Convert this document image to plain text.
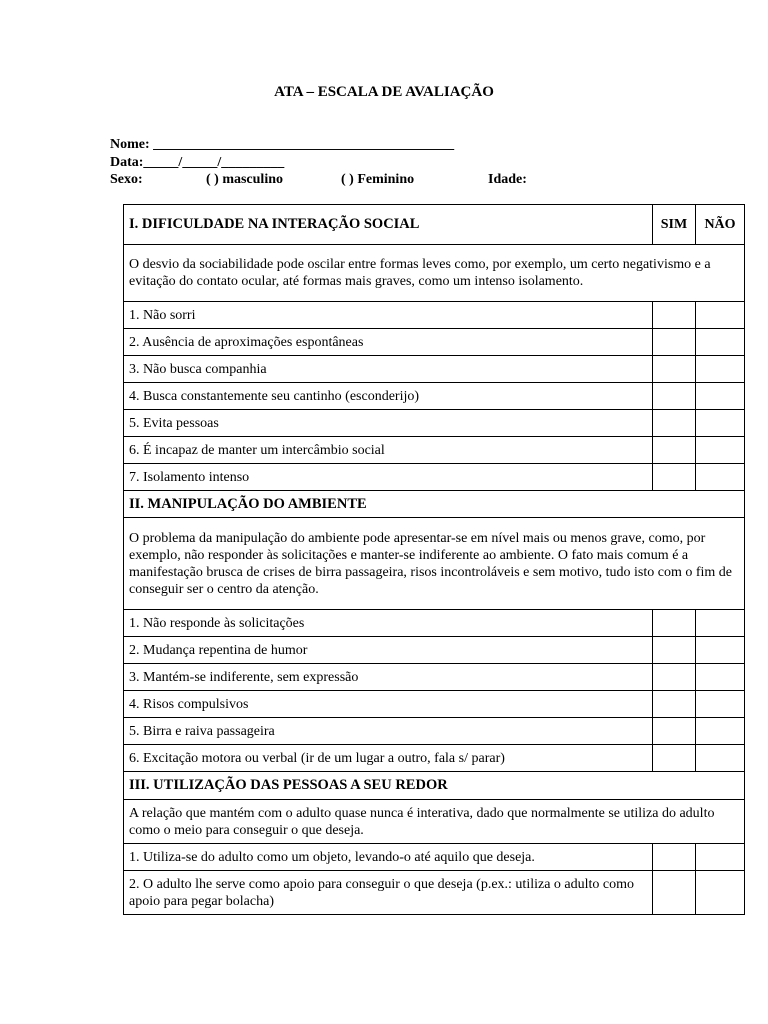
ATA – ESCALA DE AVALIAÇÃO
Nome: ___________________________________________
Data:_____/_____/_________
Sexo:	( ) masculino	( ) Feminino	Idade:
I. DIFICULDADE NA INTERAÇÃO SOCIAL	SIM	NÃO
O desvio da sociabilidade pode oscilar entre formas leves como, por exemplo, um certo negativismo e a evitação do contato ocular, até formas mais graves, como um intenso isolamento.		
1. Não sorri		
2. Ausência de aproximações espontâneas		
3. Não busca companhia		
4. Busca constantemente seu cantinho (esconderijo)		
5. Evita pessoas		
6. É incapaz de manter um intercâmbio social		
7. Isolamento intenso		
II. MANIPULAÇÃO DO AMBIENTE		
O problema da manipulação do ambiente pode apresentar-se em nível mais ou menos grave, como, por exemplo, não responder às solicitações e manter-se indiferente ao ambiente. O fato mais comum é a manifestação brusca de crises de birra passageira, risos incontroláveis e sem motivo, tudo isto com o fim de conseguir ser o centro da atenção.		
1. Não responde às solicitações		
2. Mudança repentina de humor		
3. Mantém-se indiferente, sem expressão		
4. Risos compulsivos		
5. Birra e raiva passageira		
6. Excitação motora ou verbal (ir de um lugar a outro, fala s/ parar)		
III. UTILIZAÇÃO DAS PESSOAS A SEU REDOR		
A relação que mantém com o adulto quase nunca é interativa, dado que normalmente se utiliza do adulto como o meio para conseguir o que deseja.		
1. Utiliza-se do adulto como um objeto, levando-o até aquilo que deseja.		
2. O adulto lhe serve como apoio para conseguir o que deseja (p.ex.: utiliza o adulto como apoio para pegar bolacha)		
